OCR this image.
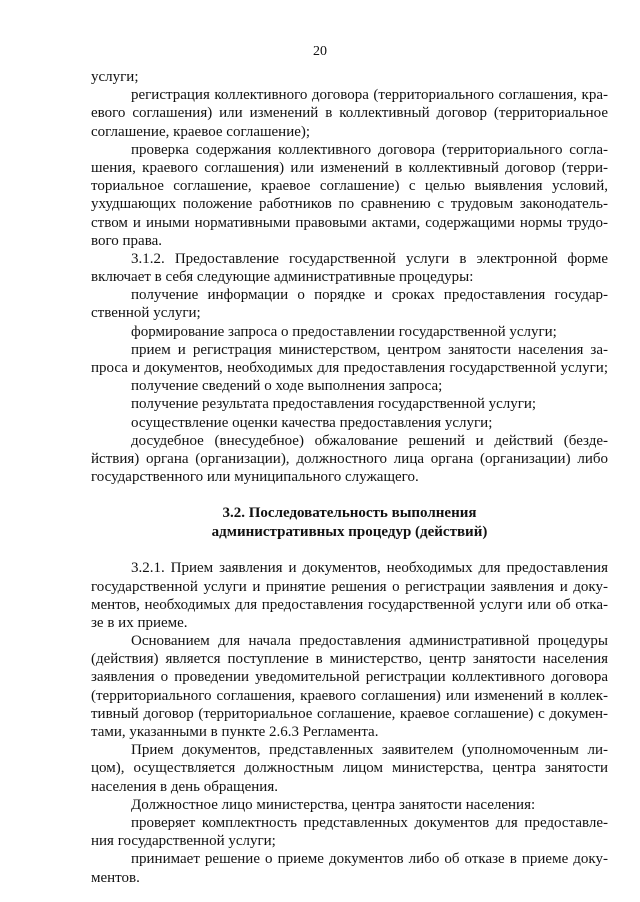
20
услуги;
регистрация коллективного договора (территориального соглашения, кра-
евого соглашения) или изменений в коллективный договор (территориальное
соглашение, краевое соглашение);
проверка содержания коллективного договора (территориального согла-
шения, краевого соглашения) или изменений в коллективный договор (терри-
ториальное соглашение, краевое соглашение) с целью выявления условий,
ухудшающих положение работников по сравнению с трудовым законодатель-
ством и иными нормативными правовыми актами, содержащими нормы трудо-
вого права.
3.1.2. Предоставление государственной услуги в электронной форме
включает в себя следующие административные процедуры:
получение информации о порядке и сроках предоставления государ-
ственной услуги;
формирование запроса о предоставлении государственной услуги;
прием и регистрация министерством, центром занятости населения за-
проса и документов, необходимых для предоставления государственной услуги;
получение сведений о ходе выполнения запроса;
получение результата предоставления государственной услуги;
осуществление оценки качества предоставления услуги;
досудебное (внесудебное) обжалование решений и действий (безде-
йствия) органа (организации), должностного лица органа (организации) либо
государственного или муниципального служащего.
3.2. Последовательность выполнения
административных процедур (действий)
3.2.1. Прием заявления и документов, необходимых для предоставления
государственной услуги и принятие решения о регистрации заявления и доку-
ментов, необходимых для предоставления государственной услуги или об отка-
зе в их приеме.
Основанием для начала предоставления административной процедуры
(действия) является поступление в министерство, центр занятости населения
заявления о проведении уведомительной регистрации коллективного договора
(территориального соглашения, краевого соглашения) или изменений в коллек-
тивный договор (территориальное соглашение, краевое соглашение) с докумен-
тами, указанными в пункте 2.6.3 Регламента.
Прием документов, представленных заявителем (уполномоченным ли-
цом), осуществляется должностным лицом министерства, центра занятости
населения в день обращения.
Должностное лицо министерства, центра занятости населения:
проверяет комплектность представленных документов для предоставле-
ния государственной услуги;
принимает решение о приеме документов либо об отказе в приеме доку-
ментов.
